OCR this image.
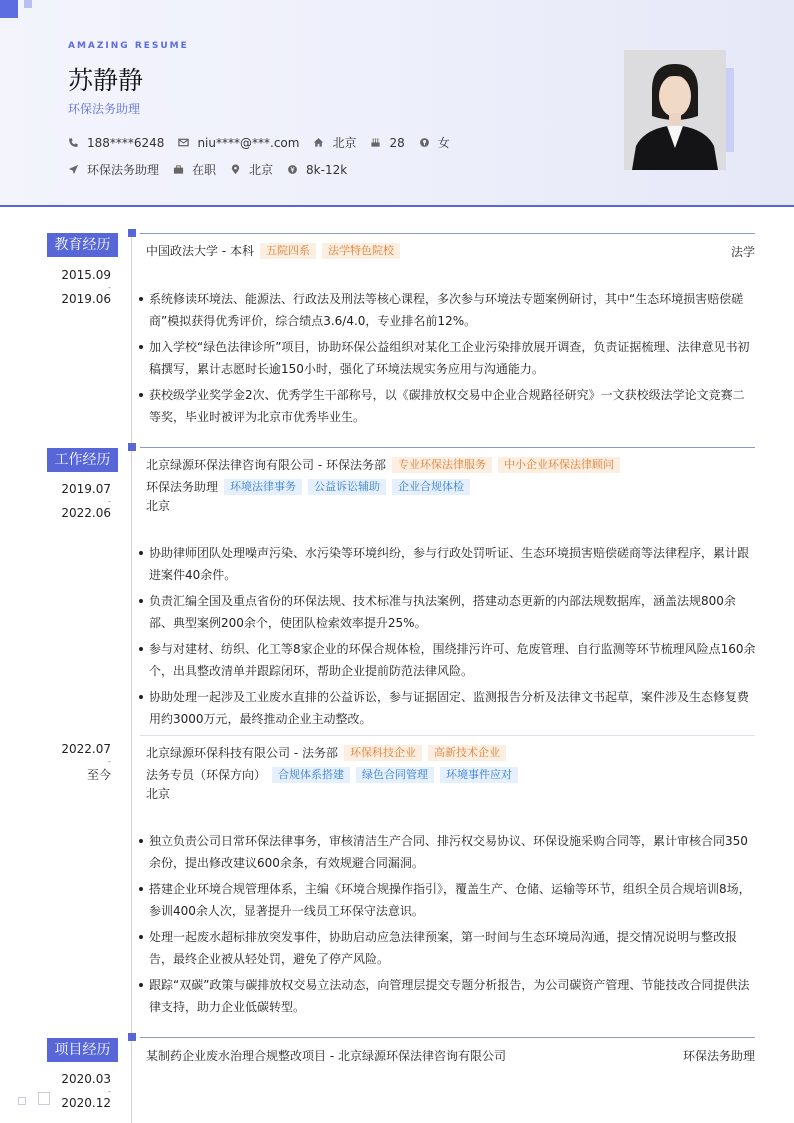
AMAZING RESUME
苏静静
环保法务助理
188****6248	niu****@***.com	北京	28	女
环保法务助理	在职	北京	8k-12k
教育经历
2015.09
-
2019.06
中国政法大学 - 本科	五院四系	法学特色院校	法学
系统修读环境法、能源法、行政法及刑法等核心课程，多次参与环境法专题案例研讨，其中“生态环境损害赔偿磋商”模拟获得优秀评价，综合绩点3.6/4.0，专业排名前12%。
加入学校“绿色法律诊所”项目，协助环保公益组织对某化工企业污染排放展开调查，负责证据梳理、法律意见书初稿撰写，累计志愿时长逾150小时，强化了环境法规实务应用与沟通能力。
获校级学业奖学金2次、优秀学生干部称号，以《碳排放权交易中企业合规路径研究》一文获校级法学论文竞赛二等奖，毕业时被评为北京市优秀毕业生。
工作经历
2019.07
-
2022.06
北京绿源环保法律咨询有限公司 - 环保法务部	专业环保法律服务	中小企业环保法律顾问
环保法务助理	环境法律事务	公益诉讼辅助	企业合规体检
北京
协助律师团队处理噪声污染、水污染等环境纠纷，参与行政处罚听证、生态环境损害赔偿磋商等法律程序，累计跟进案件40余件。
负责汇编全国及重点省份的环保法规、技术标准与执法案例，搭建动态更新的内部法规数据库，涵盖法规800余部、典型案例200余个，使团队检索效率提升25%。
参与对建材、纺织、化工等8家企业的环保合规体检，围绕排污许可、危废管理、自行监测等环节梳理风险点160余个，出具整改清单并跟踪闭环，帮助企业提前防范法律风险。
协助处理一起涉及工业废水直排的公益诉讼，参与证据固定、监测报告分析及法律文书起草，案件涉及生态修复费用约3000万元，最终推动企业主动整改。
2022.07
-
至今
北京绿源环保科技有限公司 - 法务部	环保科技企业	高新技术企业
法务专员（环保方向）	合规体系搭建	绿色合同管理	环境事件应对
北京
独立负责公司日常环保法律事务，审核清洁生产合同、排污权交易协议、环保设施采购合同等，累计审核合同350余份，提出修改建议600余条，有效规避合同漏洞。
搭建企业环境合规管理体系，主编《环境合规操作指引》，覆盖生产、仓储、运输等环节，组织全员合规培训8场，参训400余人次，显著提升一线员工环保守法意识。
处理一起废水超标排放突发事件，协助启动应急法律预案，第一时间与生态环境局沟通，提交情况说明与整改报告，最终企业被从轻处罚，避免了停产风险。
跟踪“双碳”政策与碳排放权交易立法动态，向管理层提交专题分析报告，为公司碳资产管理、节能技改合同提供法律支持，助力企业低碳转型。
项目经历
2020.03
-
2020.12
某制药企业废水治理合规整改项目 - 北京绿源环保法律咨询有限公司	环保法务助理
